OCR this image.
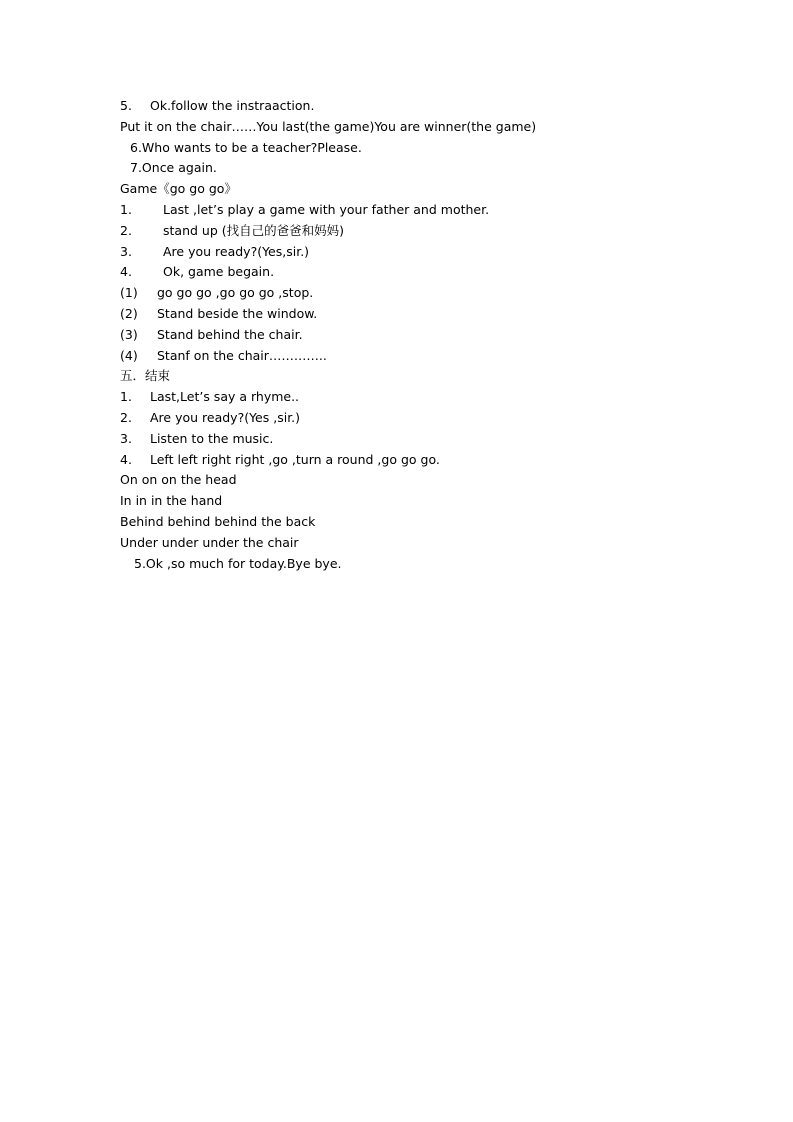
5. Ok.follow the instraaction.
Put it on the chair……You last(the game)You are winner(the game)
6.Who wants to be a teacher?Please.
7.Once again.
Game《go go go》
1. Last ,let’s play a game with your father and mother.
2. stand up (找自己的爸爸和妈妈)
3. Are you ready?(Yes,sir.)
4. Ok, game begain.
(1) go go go ,go go go ,stop.
(2) Stand beside the window.
(3) Stand behind the chair.
(4) Stanf on the chair…………..
五．结束
1. Last,Let’s say a rhyme..
2. Are you ready?(Yes ,sir.)
3. Listen to the music.
4. Left left right right ,go ,turn a round ,go go go.
On on on the head
In in in the hand
Behind behind behind the back
Under under under the chair
5.Ok ,so much for today.Bye bye.
